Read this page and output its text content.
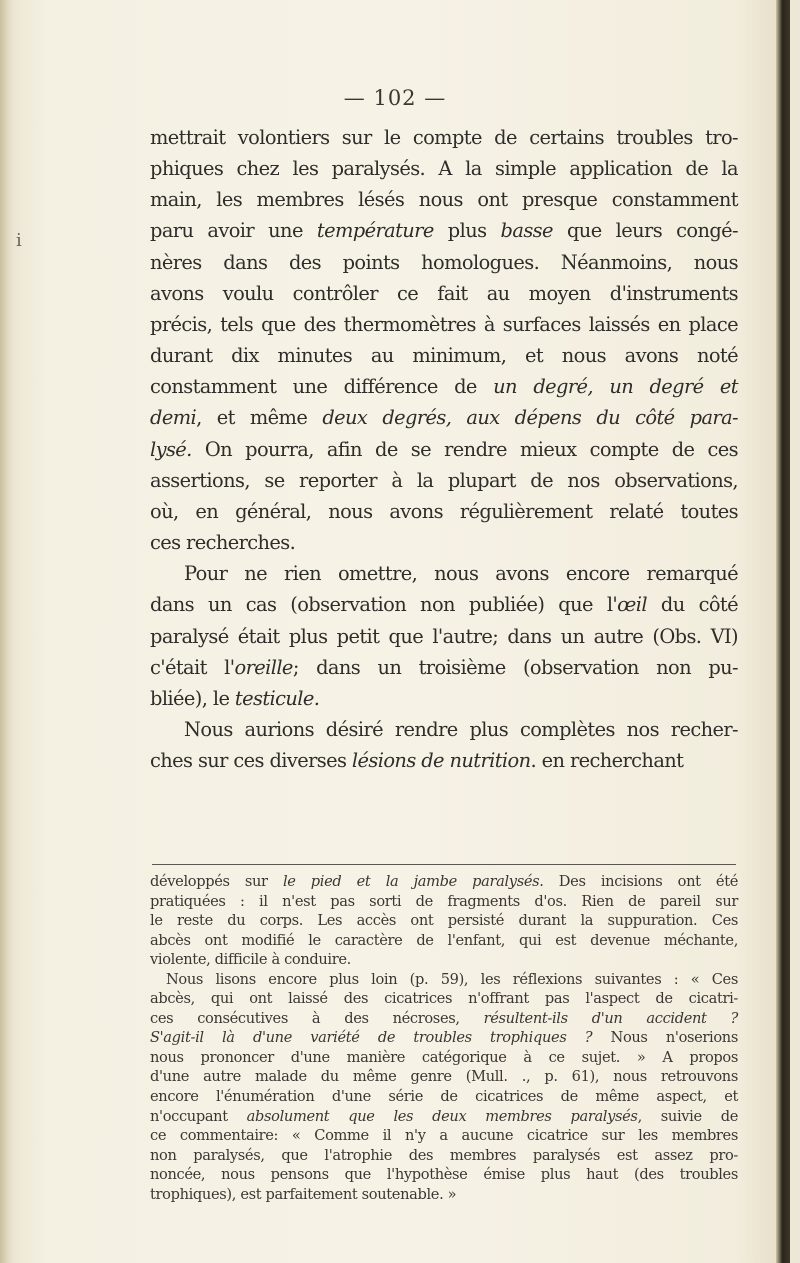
i
— 102 —
mettrait volontiers sur le compte de certains troubles tro-
phiques chez les paralysés. A la simple application de la
main, les membres lésés nous ont presque constamment
paru avoir une température plus basse que leurs congé-
nères dans des points homologues. Néanmoins, nous
avons voulu contrôler ce fait au moyen d'instruments
précis, tels que des thermomètres à surfaces laissés en place
durant dix minutes au minimum, et nous avons noté
constamment une différence de un degré, un degré et
demi, et même deux degrés, aux dépens du côté para-
lysé. On pourra, afin de se rendre mieux compte de ces
assertions, se reporter à la plupart de nos observations,
où, en général, nous avons régulièrement relaté toutes
ces recherches.
Pour ne rien omettre, nous avons encore remarqué
dans un cas (observation non publiée) que l'œil du côté
paralysé était plus petit que l'autre; dans un autre (Obs. VI)
c'était l'oreille; dans un troisième (observation non pu-
bliée), le testicule.
Nous aurions désiré rendre plus complètes nos recher-
ches sur ces diverses lésions de nutrition. en recherchant
développés sur le pied et la jambe paralysés. Des incisions ont été
pratiquées : il n'est pas sorti de fragments d'os. Rien de pareil sur
le reste du corps. Les accès ont persisté durant la suppuration. Ces
abcès ont modifié le caractère de l'enfant, qui est devenue méchante,
violente, difficile à conduire.
Nous lisons encore plus loin (p. 59), les réflexions suivantes : « Ces
abcès, qui ont laissé des cicatrices n'offrant pas l'aspect de cicatri-
ces consécutives à des nécroses, résultent-ils d'un accident ?
S'agit-il là d'une variété de troubles trophiques ? Nous n'oserions
nous prononcer d'une manière catégorique à ce sujet. » A propos
d'une autre malade du même genre (Mull. ., p. 61), nous retrouvons
encore l'énumération d'une série de cicatrices de même aspect, et
n'occupant absolument que les deux membres paralysés, suivie de
ce commentaire: « Comme il n'y a aucune cicatrice sur les membres
non paralysés, que l'atrophie des membres paralysés est assez pro-
noncée, nous pensons que l'hypothèse émise plus haut (des troubles
trophiques), est parfaitement soutenable. »
